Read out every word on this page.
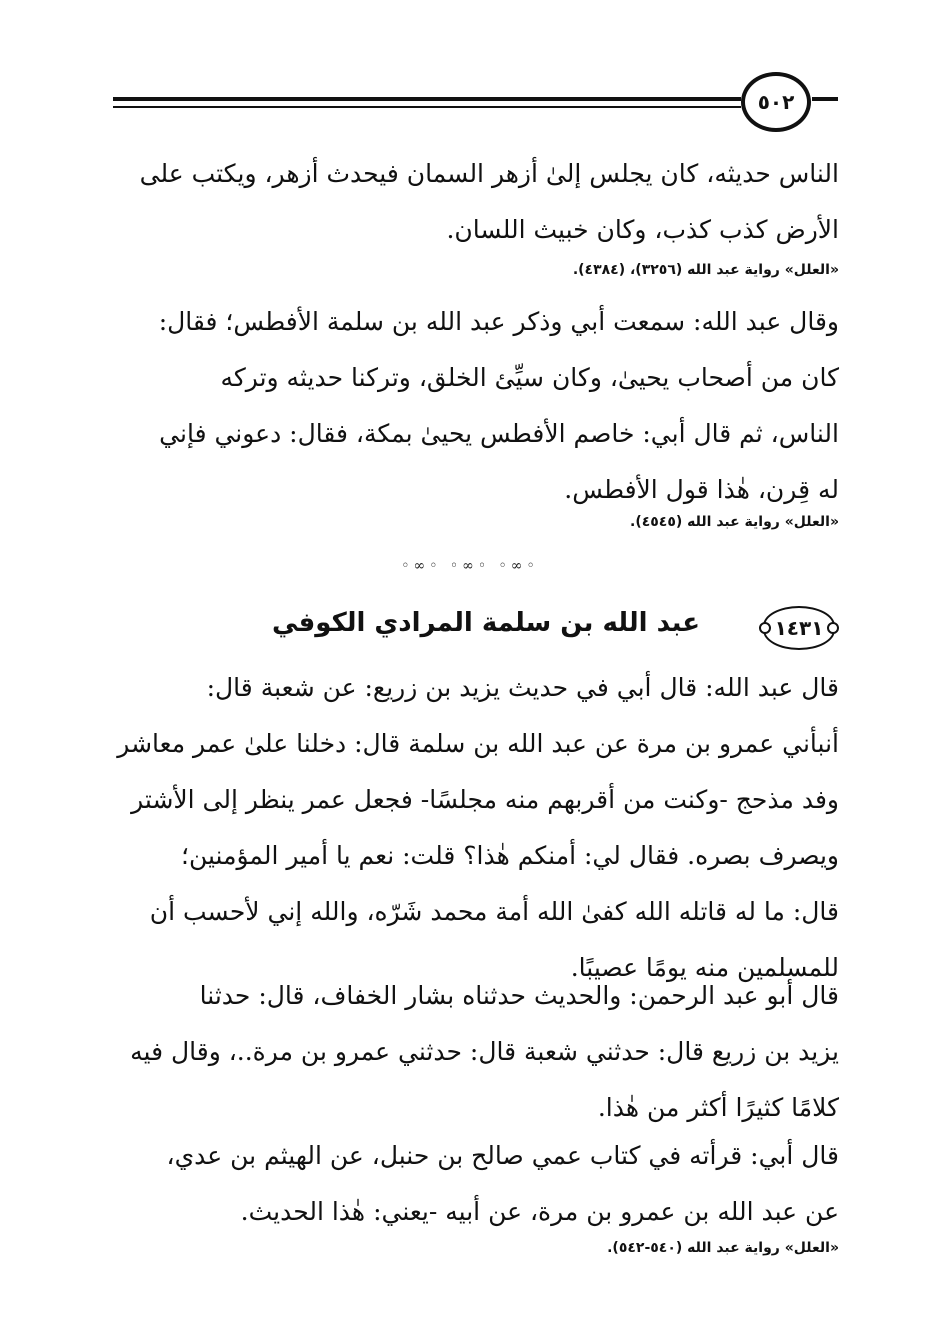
٥٠٢
الناس حديثه، كان يجلس إلىٰ أزهر السمان فيحدث أزهر، ويكتب على
الأرض كذب كذب، وكان خبيث اللسان.
«العلل» رواية عبد الله (٣٢٥٦)، (٤٣٨٤).
وقال عبد الله: سمعت أبي وذكر عبد الله بن سلمة الأفطس؛ فقال:
كان من أصحاب يحيىٰ، وكان سيِّئ الخلق، وتركنا حديثه وتركه
الناس، ثم قال أبي: خاصم الأفطس يحيىٰ بمكة، فقال: دعوني فإني
له قِرن، هٰذا قول الأفطس.
«العلل» رواية عبد الله (٤٥٤٥).
◦∞◦ ◦∞◦ ◦∞◦
١٤٣١
عبد الله بن سلمة المرادي الكوفي
قال عبد الله: قال أبي في حديث يزيد بن زريع: عن شعبة قال:
أنبأني عمرو بن مرة عن عبد الله بن سلمة قال: دخلنا علىٰ عمر معاشر
وفد مذحج -وكنت من أقربهم منه مجلسًا- فجعل عمر ينظر إلى الأشتر
ويصرف بصره. فقال لي: أمنكم هٰذا؟ قلت: نعم يا أمير المؤمنين؛
قال: ما له قاتله الله كفىٰ الله أمة محمد شَرّه، والله إني لأحسب أن
للمسلمين منه يومًا عصيبًا.
قال أبو عبد الرحمن: والحديث حدثناه بشار الخفاف، قال: حدثنا
يزيد بن زريع قال: حدثني شعبة قال: حدثني عمرو بن مرة..، وقال فيه
كلامًا كثيرًا أكثر من هٰذا.
قال أبي: قرأته في كتاب عمي صالح بن حنبل، عن الهيثم بن عدي،
عن عبد الله بن عمرو بن مرة، عن أبيه -يعني: هٰذا الحديث.
«العلل» رواية عبد الله (٥٤٠-٥٤٢).
